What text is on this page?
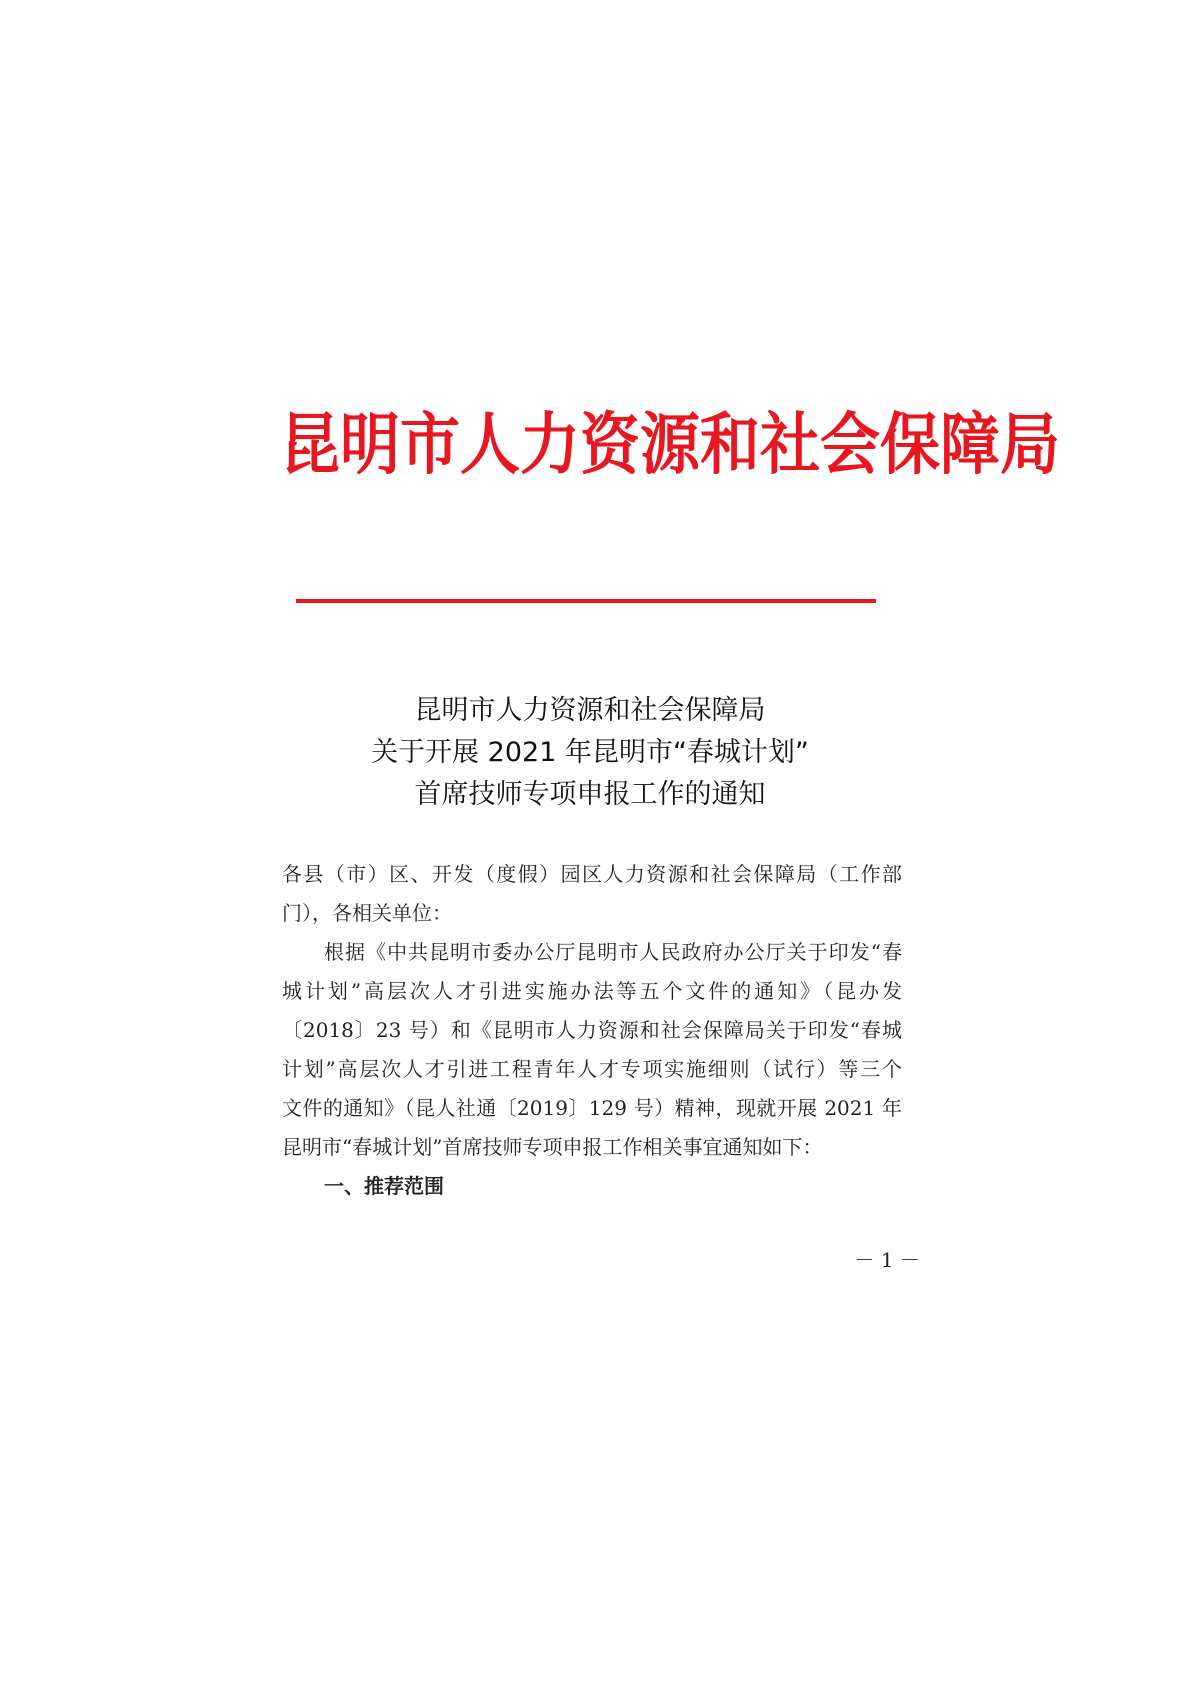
昆明市人力资源和社会保障局
昆明市人力资源和社会保障局
关于开展 2021 年昆明市“春城计划”
首席技师专项申报工作的通知
各县（市）区、开发（度假）园区人力资源和社会保障局（工作部
门），各相关单位：
根据《中共昆明市委办公厅昆明市人民政府办公厅关于印发“春
城计划”高层次人才引进实施办法等五个文件的通知》（昆办发
〔2018〕23 号）和《昆明市人力资源和社会保障局关于印发“春城
计划”高层次人才引进工程青年人才专项实施细则（试行）等三个
文件的通知》（昆人社通〔2019〕129 号）精神，现就开展 2021 年
昆明市“春城计划”首席技师专项申报工作相关事宜通知如下：
一、推荐范围
－ 1 －
